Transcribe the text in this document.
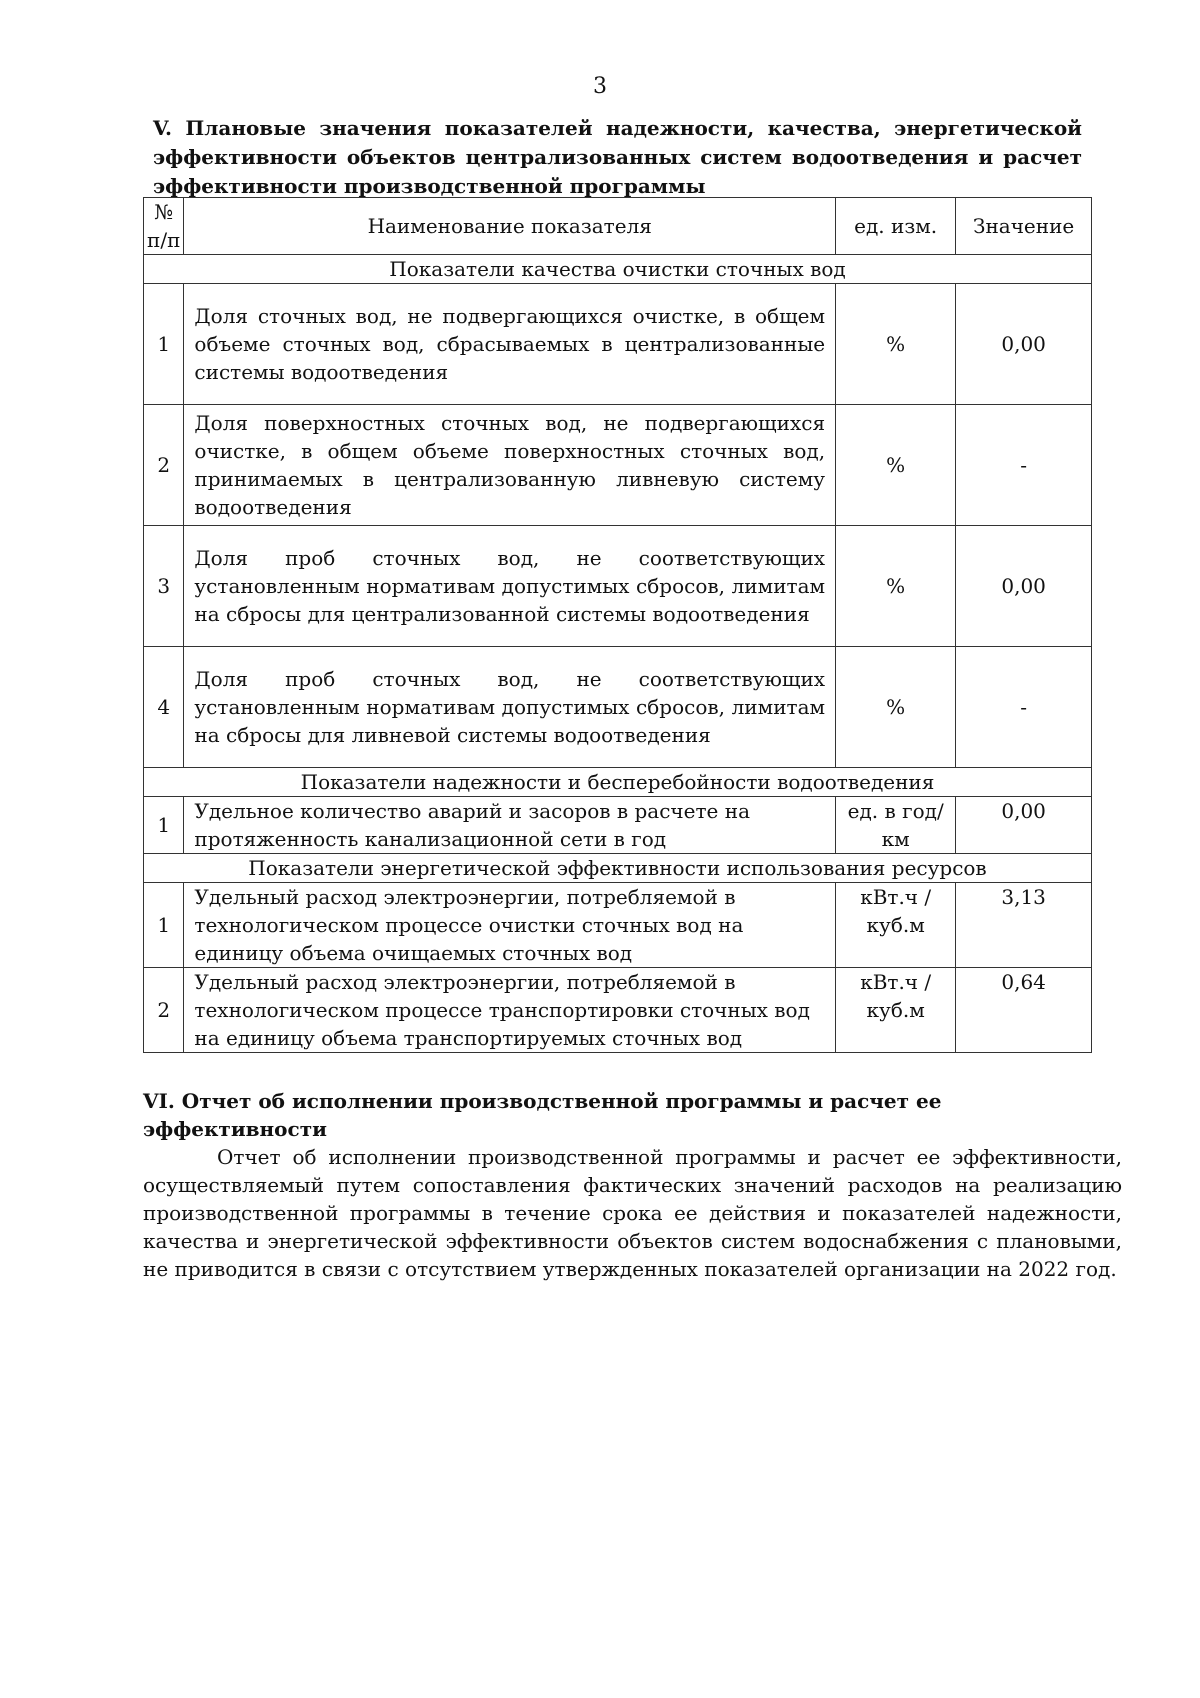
3
V. Плановые значения показателей надежности, качества, энергетической эффективности объектов централизованных систем водоотведения и расчет эффективности производственной программы
№ п/п	Наименование показателя	ед. изм.	Значение
Показатели качества очистки сточных вод			
1	Доля сточных вод, не подвергающихся очистке, в общем объеме сточных вод, сбрасываемых в централизованные системы водоотведения	%	0,00
2	Доля поверхностных сточных вод, не подвергающихся очистке, в общем объеме поверхностных сточных вод, принимаемых в централизованную ливневую систему водоотведения	%	-
3	Доля проб сточных вод, не соответствующих установленным нормативам допустимых сбросов, лимитам на сбросы для централизованной системы водоотведения	%	0,00
4	Доля проб сточных вод, не соответствующих установленным нормативам допустимых сбросов, лимитам на сбросы для ливневой системы водоотведения	%	-
Показатели надежности и бесперебойности водоотведения			
1	Удельное количество аварий и засоров в расчете на протяженность канализационной сети в год	ед. в год/ км	0,00
Показатели энергетической эффективности использования ресурсов			
1	Удельный расход электроэнергии, потребляемой в технологическом процессе очистки сточных вод на единицу объема очищаемых сточных вод	кВт.ч / куб.м	3,13
2	Удельный расход электроэнергии, потребляемой в технологическом процессе транспортировки сточных вод на единицу объема транспортируемых сточных вод	кВт.ч / куб.м	0,64
VI. Отчет об исполнении производственной программы и расчет ее эффективности
Отчет об исполнении производственной программы и расчет ее эффективности, осуществляемый путем сопоставления фактических значений расходов на реализацию производственной программы в течение срока ее действия и показателей надежности, качества и энергетической эффективности объектов систем водоснабжения с плановыми, не приводится в связи с отсутствием утвержденных показателей организации на 2022 год.
